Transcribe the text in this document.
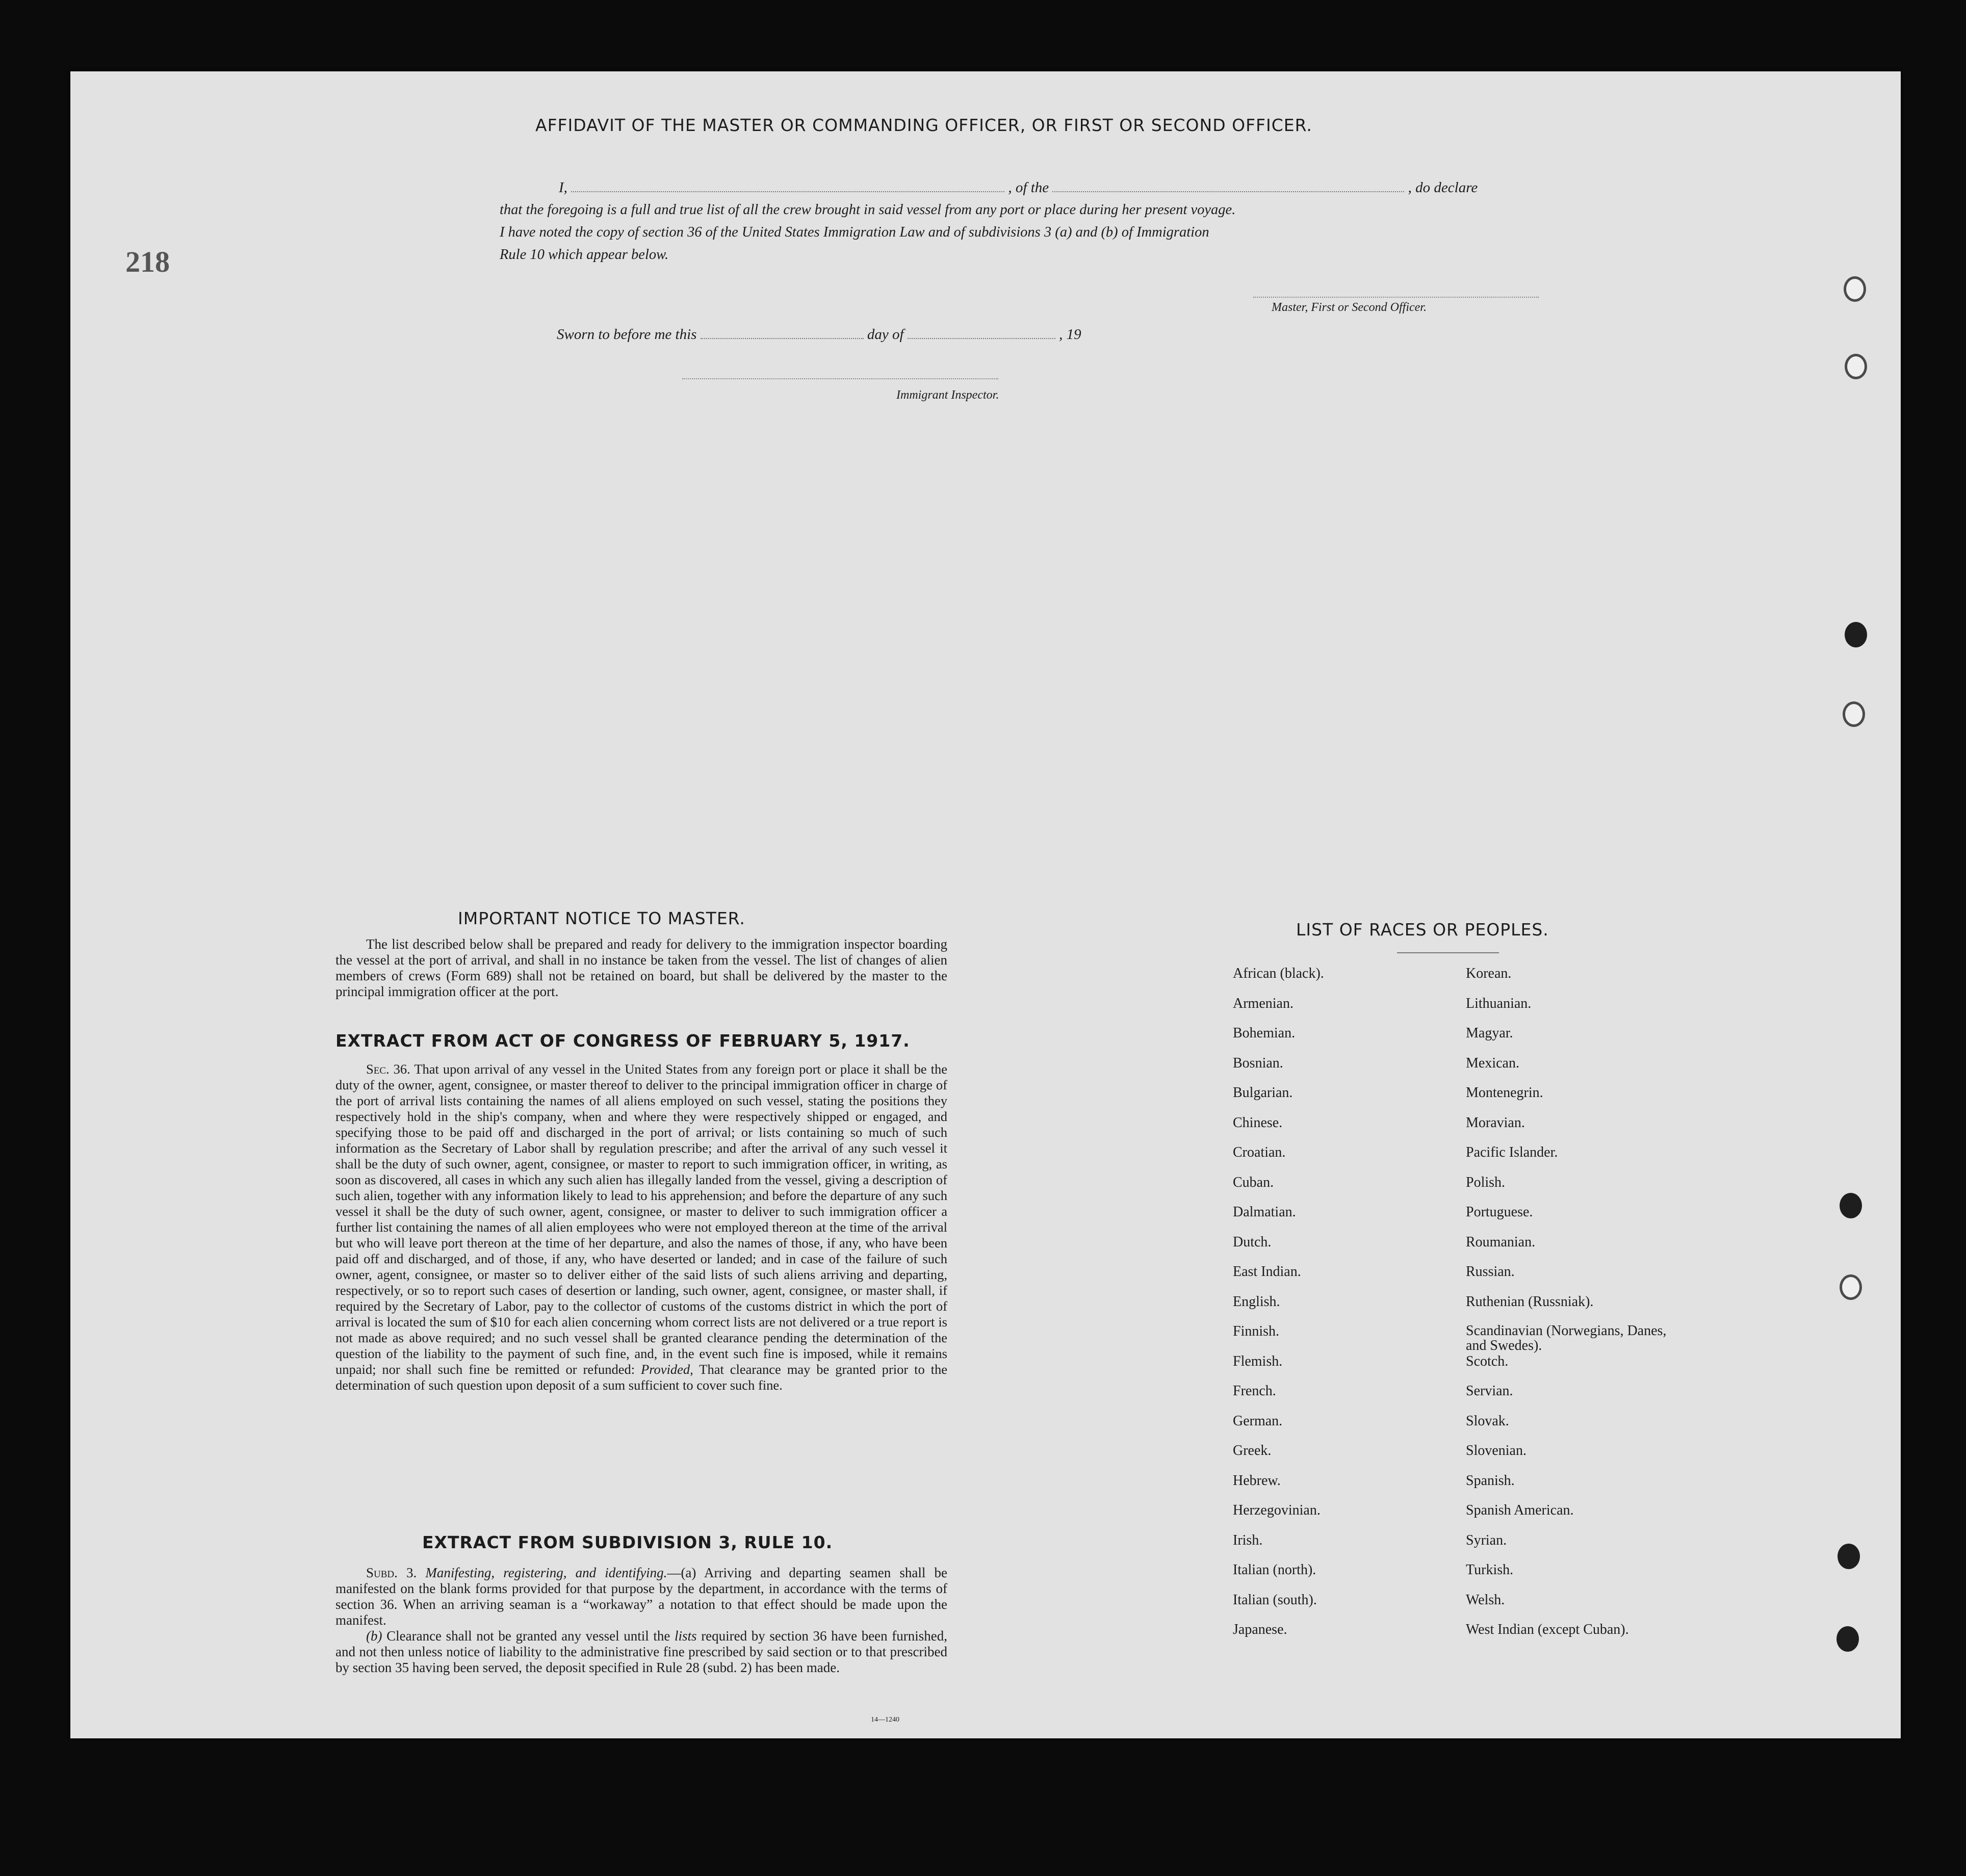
218
AFFIDAVIT OF THE MASTER OR COMMANDING OFFICER, OR FIRST OR SECOND OFFICER.
I,	, of the	, do declare
that the foregoing is a full and true list of all the crew brought in said vessel from any port or place during her present voyage.
I have noted the copy of section 36 of the United States Immigration Law and of subdivisions 3 (a) and (b) of Immigration
Rule 10 which appear below.
Master, First or Second Officer.
Sworn to before me this	day of	, 19
Immigrant Inspector.
IMPORTANT NOTICE TO MASTER.

The list described below shall be prepared and ready for delivery to the immigration inspector boarding the vessel at the port of arrival, and shall in no instance be taken from the vessel. The list of changes of alien members of crews (Form 689) shall not be retained on board, but shall be delivered by the master to the principal immigration officer at the port.

EXTRACT FROM ACT OF CONGRESS OF FEBRUARY 5, 1917.

Sec. 36. That upon arrival of any vessel in the United States from any foreign port or place it shall be the duty of the owner, agent, consignee, or master thereof to deliver to the principal immigration officer in charge of the port of arrival lists containing the names of all aliens employed on such vessel, stating the positions they respectively hold in the ship's company, when and where they were respectively shipped or engaged, and specifying those to be paid off and discharged in the port of arrival; or lists containing so much of such information as the Secretary of Labor shall by regulation prescribe; and after the arrival of any such vessel it shall be the duty of such owner, agent, consignee, or master to report to such immigration officer, in writing, as soon as discovered, all cases in which any such alien has illegally landed from the vessel, giving a description of such alien, together with any information likely to lead to his apprehension; and before the departure of any such vessel it shall be the duty of such owner, agent, consignee, or master to deliver to such immigration officer a further list containing the names of all alien employees who were not employed thereon at the time of the arrival but who will leave port thereon at the time of her departure, and also the names of those, if any, who have been paid off and discharged, and of those, if any, who have deserted or landed; and in case of the failure of such owner, agent, consignee, or master so to deliver either of the said lists of such aliens arriving and departing, respectively, or so to report such cases of desertion or landing, such owner, agent, consignee, or master shall, if required by the Secretary of Labor, pay to the collector of customs of the customs district in which the port of arrival is located the sum of $10 for each alien concerning whom correct lists are not delivered or a true report is not made as above required; and no such vessel shall be granted clearance pending the determination of the question of the liability to the payment of such fine, and, in the event such fine is imposed, while it remains unpaid; nor shall such fine be remitted or refunded: Provided, That clearance may be granted prior to the determination of such question upon deposit of a sum sufficient to cover such fine.

EXTRACT FROM SUBDIVISION 3, RULE 10.

Subd. 3. Manifesting, registering, and identifying.—(a) Arriving and departing seamen shall be manifested on the blank forms provided for that purpose by the department, in accordance with the terms of section 36. When an arriving seaman is a “workaway” a notation to that effect should be made upon the manifest.

(b) Clearance shall not be granted any vessel until the lists required by section 36 have been furnished, and not then unless notice of liability to the administrative fine prescribed by said section or to that prescribed by section 35 having been served, the deposit specified in Rule 28 (subd. 2) has been made.

14—1240
LIST OF RACES OR PEOPLES.
African (black).
Armenian.
Bohemian.
Bosnian.
Bulgarian.
Chinese.
Croatian.
Cuban.
Dalmatian.
Dutch.
East Indian.
English.
Finnish.
Flemish.
French.
German.
Greek.
Hebrew.
Herzegovinian.
Irish.
Italian (north).
Italian (south).
Japanese.
Korean.
Lithuanian.
Magyar.
Mexican.
Montenegrin.
Moravian.
Pacific Islander.
Polish.
Portuguese.
Roumanian.
Russian.
Ruthenian (Russniak).
Scandinavian (Norwegians, Danes, and Swedes).
Scotch.
Servian.
Slovak.
Slovenian.
Spanish.
Spanish American.
Syrian.
Turkish.
Welsh.
West Indian (except Cuban).
